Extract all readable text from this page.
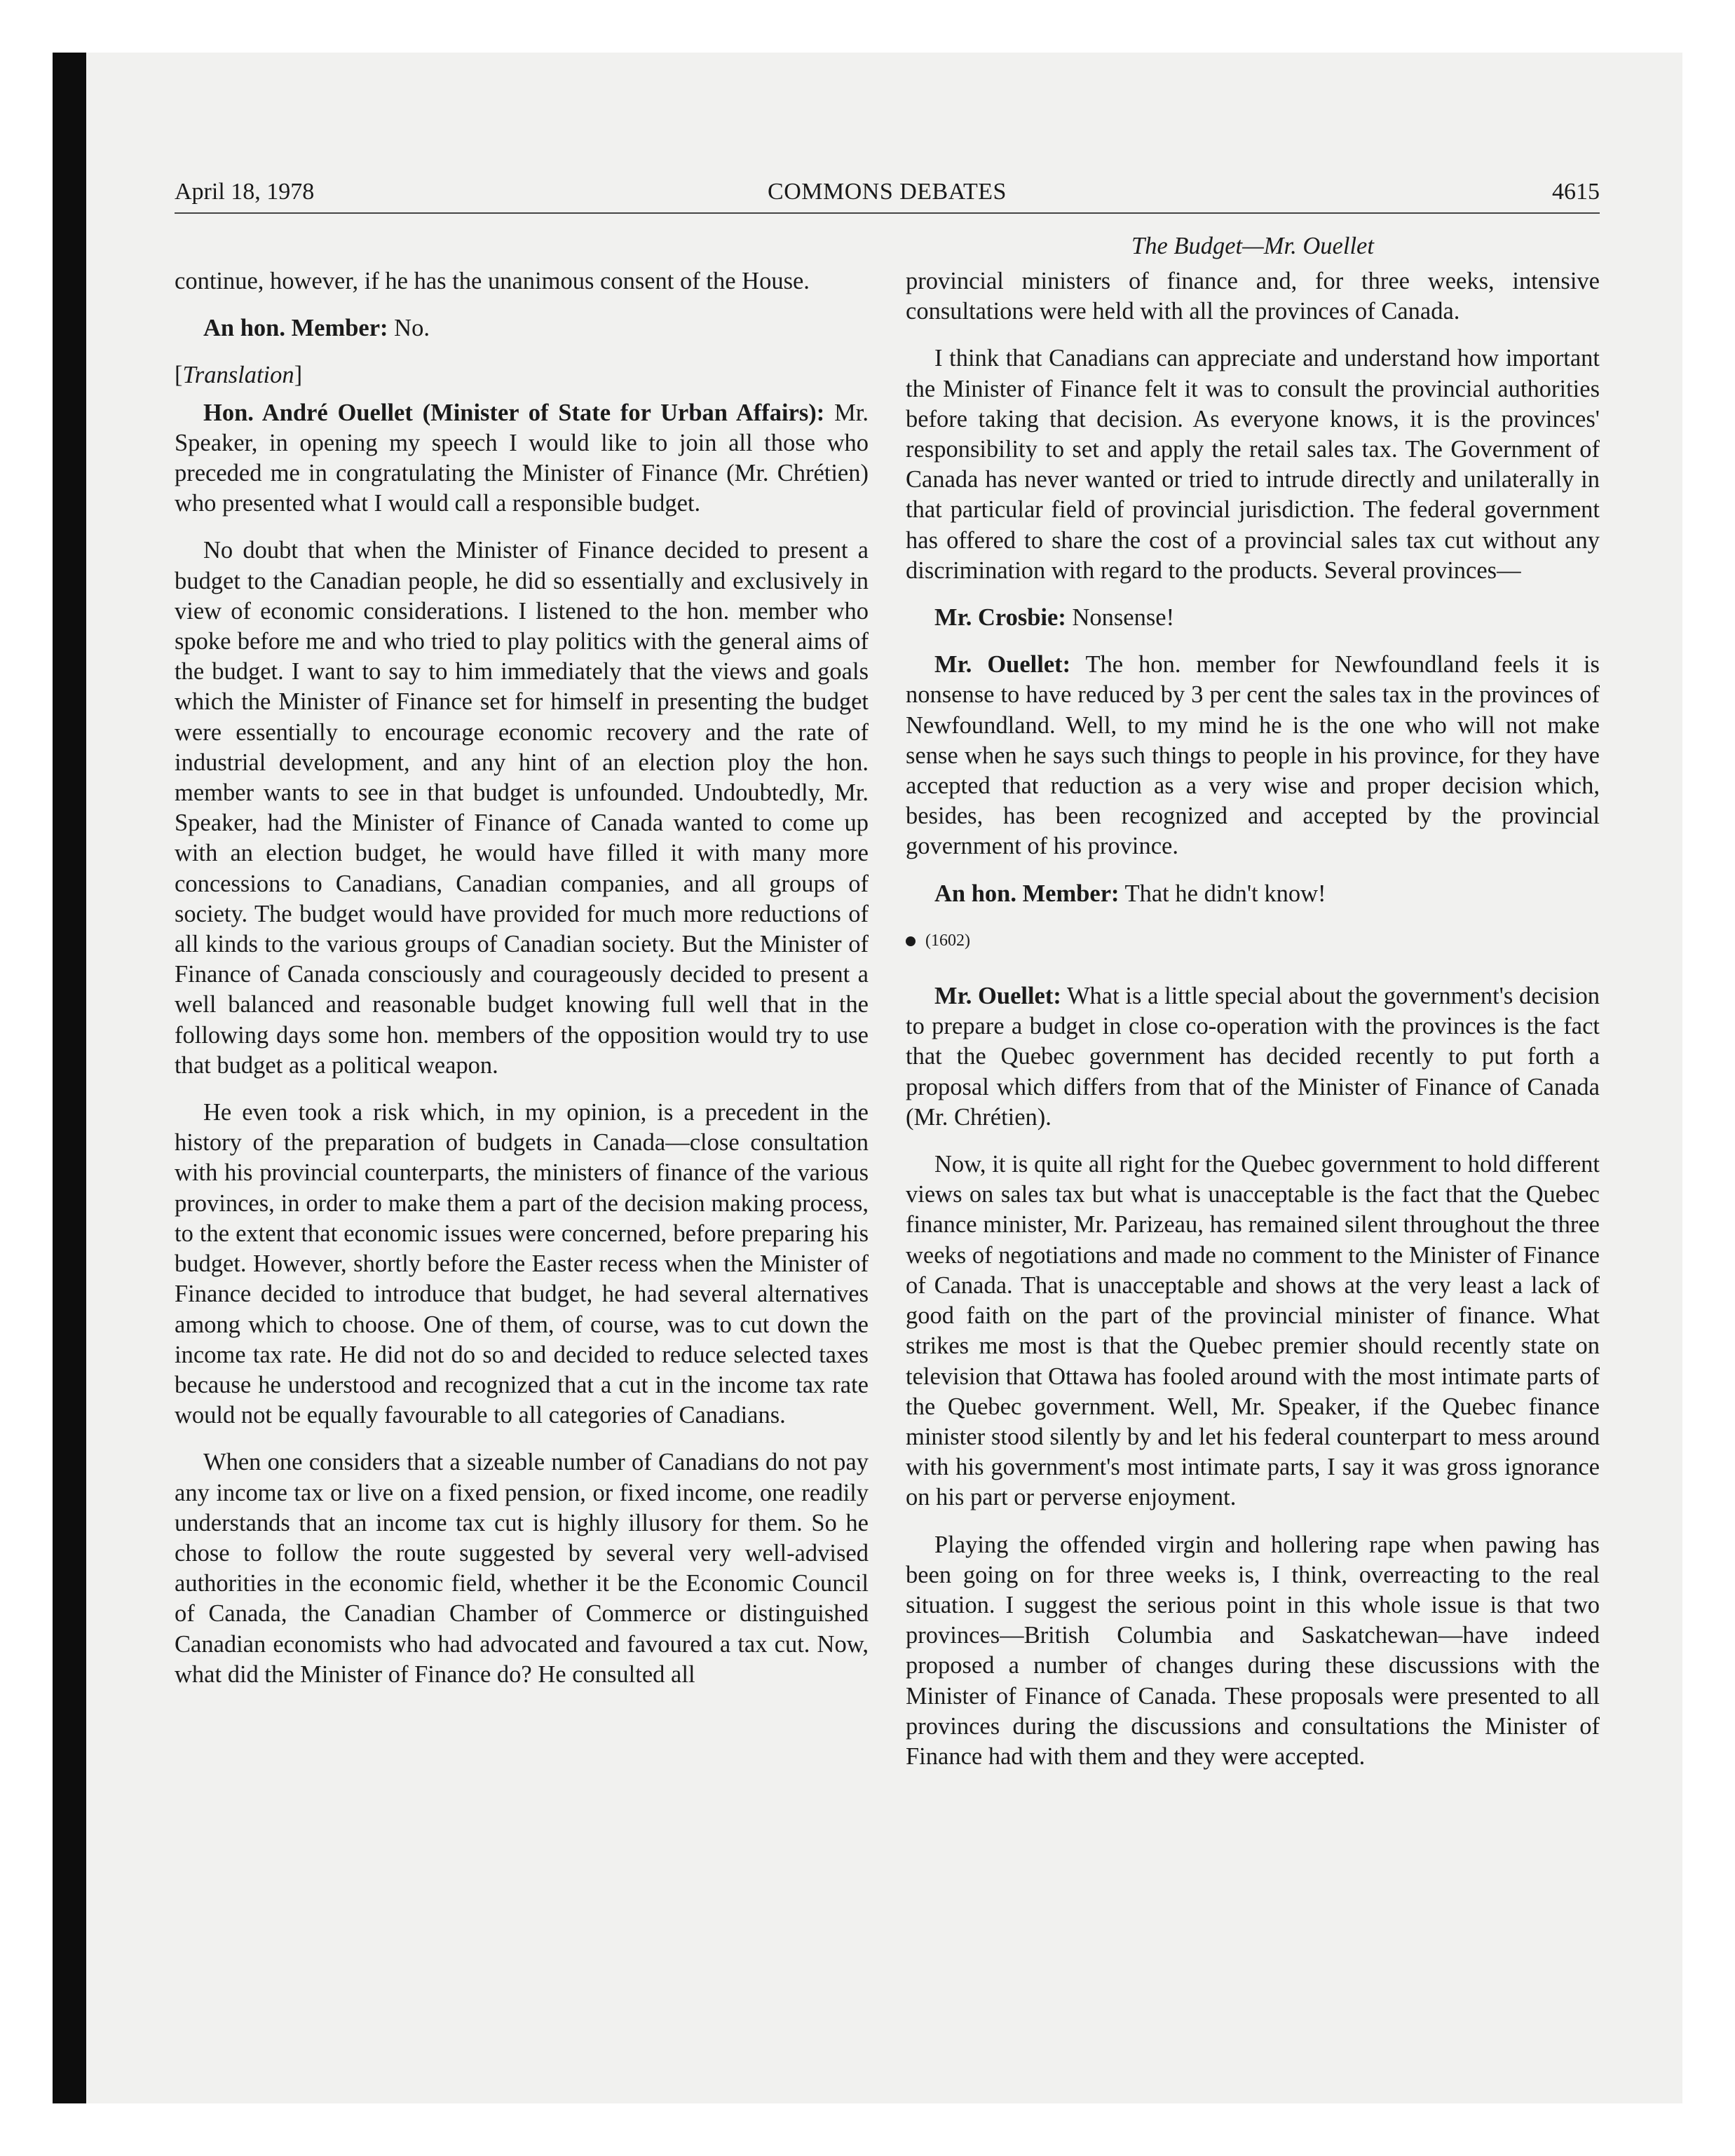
April 18, 1978	COMMONS DEBATES	4615
The Budget—Mr. Ouellet

continue, however, if he has the unanimous consent of the House.

An hon. Member: No.

[Translation]

Hon. André Ouellet (Minister of State for Urban Affairs): Mr. Speaker, in opening my speech I would like to join all those who preceded me in congratulating the Minister of Finance (Mr. Chrétien) who presented what I would call a responsible budget.

No doubt that when the Minister of Finance decided to present a budget to the Canadian people, he did so essentially and exclusively in view of economic considerations. I listened to the hon. member who spoke before me and who tried to play politics with the general aims of the budget. I want to say to him immediately that the views and goals which the Minister of Finance set for himself in presenting the budget were essentially to encourage economic recovery and the rate of industrial development, and any hint of an election ploy the hon. member wants to see in that budget is unfounded. Undoubtedly, Mr. Speaker, had the Minister of Finance of Canada wanted to come up with an election budget, he would have filled it with many more concessions to Canadians, Canadian companies, and all groups of society. The budget would have provided for much more reductions of all kinds to the various groups of Canadian society. But the Minister of Finance of Canada consciously and courageously decided to present a well balanced and reasonable budget knowing full well that in the following days some hon. members of the opposition would try to use that budget as a political weapon.

He even took a risk which, in my opinion, is a precedent in the history of the preparation of budgets in Canada—close consultation with his provincial counterparts, the ministers of finance of the various provinces, in order to make them a part of the decision making process, to the extent that economic issues were concerned, before preparing his budget. However, shortly before the Easter recess when the Minister of Finance decided to introduce that budget, he had several alternatives among which to choose. One of them, of course, was to cut down the income tax rate. He did not do so and decided to reduce selected taxes because he understood and recognized that a cut in the income tax rate would not be equally favourable to all categories of Canadians.

When one considers that a sizeable number of Canadians do not pay any income tax or live on a fixed pension, or fixed income, one readily understands that an income tax cut is highly illusory for them. So he chose to follow the route suggested by several very well-advised authorities in the economic field, whether it be the Economic Council of Canada, the Canadian Chamber of Commerce or distinguished Canadian economists who had advocated and favoured a tax cut. Now, what did the Minister of Finance do? He consulted all

provincial ministers of finance and, for three weeks, intensive consultations were held with all the provinces of Canada.

I think that Canadians can appreciate and understand how important the Minister of Finance felt it was to consult the provincial authorities before taking that decision. As everyone knows, it is the provinces' responsibility to set and apply the retail sales tax. The Government of Canada has never wanted or tried to intrude directly and unilaterally in that particular field of provincial jurisdiction. The federal government has offered to share the cost of a provincial sales tax cut without any discrimination with regard to the products. Several provinces—

Mr. Crosbie: Nonsense!

Mr. Ouellet: The hon. member for Newfoundland feels it is nonsense to have reduced by 3 per cent the sales tax in the provinces of Newfoundland. Well, to my mind he is the one who will not make sense when he says such things to people in his province, for they have accepted that reduction as a very wise and proper decision which, besides, has been recognized and accepted by the provincial government of his province.

An hon. Member: That he didn't know!

(1602)

Mr. Ouellet: What is a little special about the government's decision to prepare a budget in close co-operation with the provinces is the fact that the Quebec government has decided recently to put forth a proposal which differs from that of the Minister of Finance of Canada (Mr. Chrétien).

Now, it is quite all right for the Quebec government to hold different views on sales tax but what is unacceptable is the fact that the Quebec finance minister, Mr. Parizeau, has remained silent throughout the three weeks of negotiations and made no comment to the Minister of Finance of Canada. That is unacceptable and shows at the very least a lack of good faith on the part of the provincial minister of finance. What strikes me most is that the Quebec premier should recently state on television that Ottawa has fooled around with the most intimate parts of the Quebec government. Well, Mr. Speaker, if the Quebec finance minister stood silently by and let his federal counterpart to mess around with his government's most intimate parts, I say it was gross ignorance on his part or perverse enjoyment.

Playing the offended virgin and hollering rape when pawing has been going on for three weeks is, I think, overreacting to the real situation. I suggest the serious point in this whole issue is that two provinces—British Columbia and Saskatchewan—have indeed proposed a number of changes during these discussions with the Minister of Finance of Canada. These proposals were presented to all provinces during the discussions and consultations the Minister of Finance had with them and they were accepted.
